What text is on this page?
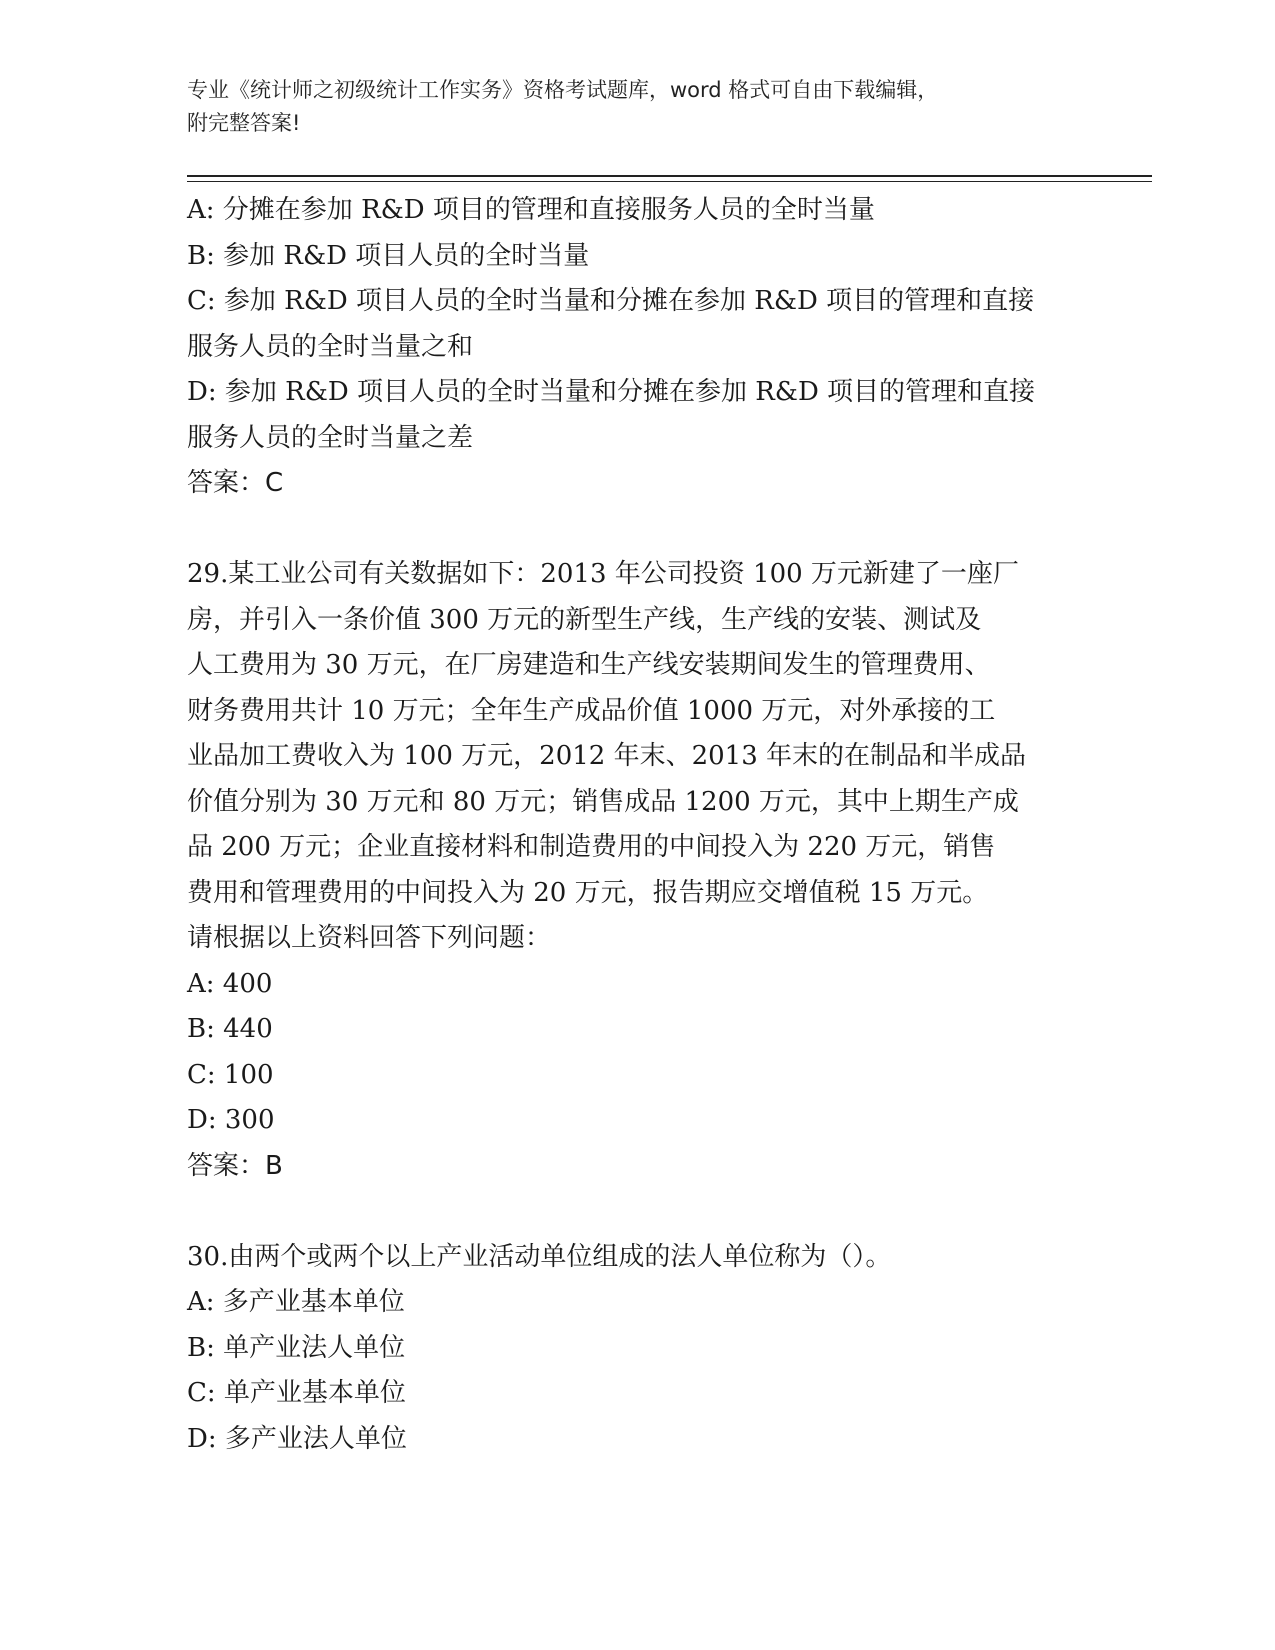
专业《统计师之初级统计工作实务》资格考试题库，word 格式可自由下载编辑，
附完整答案!
A: 分摊在参加 R&D 项目的管理和直接服务人员的全时当量
B: 参加 R&D 项目人员的全时当量
C: 参加 R&D 项目人员的全时当量和分摊在参加 R&D 项目的管理和直接
服务人员的全时当量之和
D: 参加 R&D 项目人员的全时当量和分摊在参加 R&D 项目的管理和直接
服务人员的全时当量之差
答案：C
29.某工业公司有关数据如下：2013 年公司投资 100 万元新建了一座厂
房，并引入一条价值 300 万元的新型生产线，生产线的安装、测试及
人工费用为 30 万元，在厂房建造和生产线安装期间发生的管理费用、
财务费用共计 10 万元；全年生产成品价值 1000 万元，对外承接的工
业品加工费收入为 100 万元，2012 年末、2013 年末的在制品和半成品
价值分别为 30 万元和 80 万元；销售成品 1200 万元，其中上期生产成
品 200 万元；企业直接材料和制造费用的中间投入为 220 万元，销售
费用和管理费用的中间投入为 20 万元，报告期应交增值税 15 万元。
请根据以上资料回答下列问题：
A: 400
B: 440
C: 100
D: 300
答案：B
30.由两个或两个以上产业活动单位组成的法人单位称为（）。
A: 多产业基本单位
B: 单产业法人单位
C: 单产业基本单位
D: 多产业法人单位
